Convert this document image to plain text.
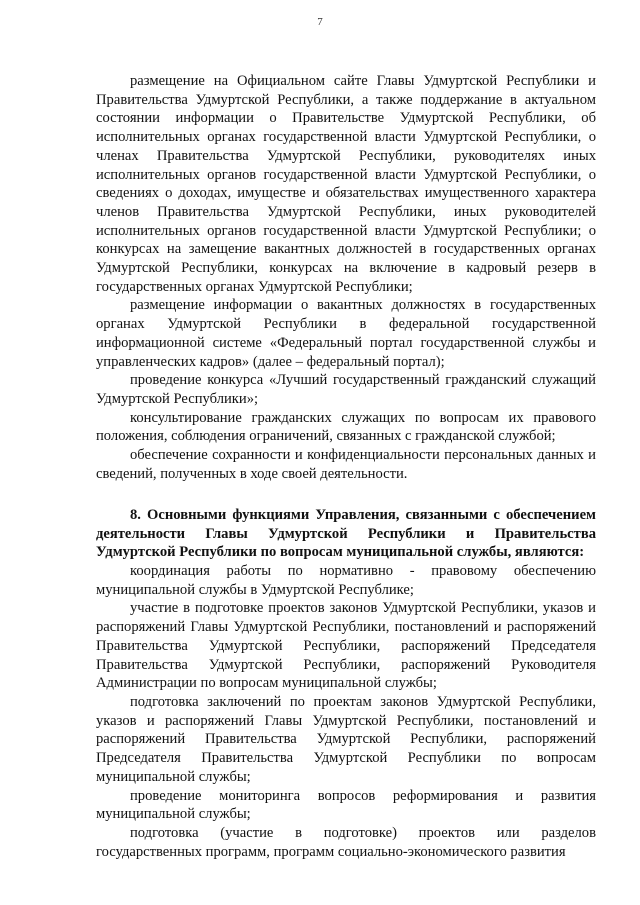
7

размещение на Официальном сайте Главы Удмуртской Республики и Правительства Удмуртской Республики, а также поддержание в актуальном состоянии информации о Правительстве Удмуртской Республики, об исполнительных органах государственной власти Удмуртской Республики, о членах Правительства Удмуртской Республики, руководителях иных исполнительных органов государственной власти Удмуртской Республики, о сведениях о доходах, имуществе и обязательствах имущественного характера членов Правительства Удмуртской Республики, иных руководителей исполнительных органов государственной власти Удмуртской Республики; о конкурсах на замещение вакантных должностей в государственных органах Удмуртской Республики, конкурсах на включение в кадровый резерв в государственных органах Удмуртской Республики;

размещение информации о вакантных должностях в государственных органах Удмуртской Республики в федеральной государственной информационной системе «Федеральный портал государственной службы и управленческих кадров» (далее – федеральный портал);

проведение конкурса «Лучший государственный гражданский служащий Удмуртской Республики»;

консультирование гражданских служащих по вопросам их правового положения, соблюдения ограничений, связанных с гражданской службой;

обеспечение сохранности и конфиденциальности персональных данных и сведений, полученных в ходе своей деятельности.

8. Основными функциями Управления, связанными с обеспечением деятельности Главы Удмуртской Республики и Правительства Удмуртской Республики по вопросам муниципальной службы, являются:

координация работы по нормативно - правовому обеспечению муниципальной службы в Удмуртской Республике;

участие в подготовке проектов законов Удмуртской Республики, указов и распоряжений Главы Удмуртской Республики, постановлений и распоряжений Правительства Удмуртской Республики, распоряжений Председателя Правительства Удмуртской Республики, распоряжений Руководителя Администрации по вопросам муниципальной службы;

подготовка заключений по проектам законов Удмуртской Республики, указов и распоряжений Главы Удмуртской Республики, постановлений и распоряжений Правительства Удмуртской Республики, распоряжений Председателя Правительства Удмуртской Республики по вопросам муниципальной службы;

проведение мониторинга вопросов реформирования и развития муниципальной службы;

подготовка (участие в подготовке) проектов или разделов государственных программ, программ социально-экономического развития
